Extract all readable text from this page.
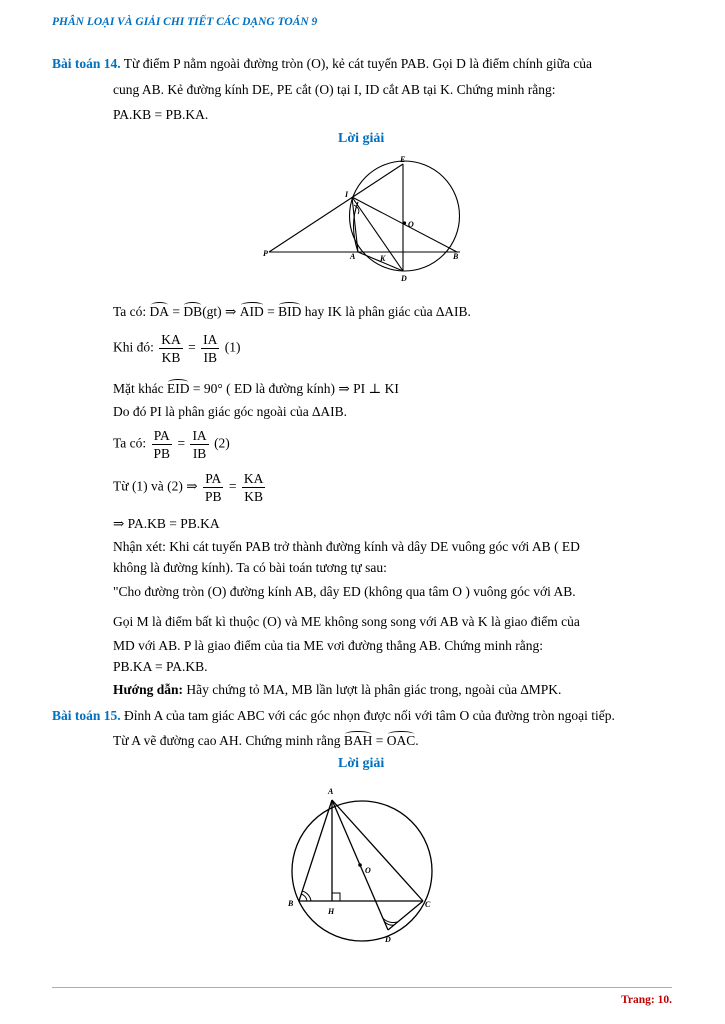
PHÂN LOẠI VÀ GIẢI CHI TIẾT CÁC DẠNG TOÁN 9
Bài toán 14. Từ điểm P nằm ngoài đường tròn (O), kẻ cát tuyến PAB. Gọi D là điểm chính giữa của
cung AB. Kẻ đường kính DE, PE cắt (O) tại I, ID cắt AB tại K. Chứng minh rằng:
PA.KB = PB.KA.
Lời giải
E
I
O
P	A	K	B
D
Ta có: DA = DB(gt) ⇒ AID = BID hay IK là phân giác của ∆AIB.
Khi đó: $\frac{KA}{KB} = \frac{IA}{IB} (1)$
Mặt khác EID = 90° ( ED là đường kính) ⇒ PI ⊥ KI
Do đó PI là phân giác góc ngoài của ∆AIB.
Ta có: $\frac{PA}{PB} = \frac{IA}{IB} (2)$
Từ (1) và (2) ⇒ $\frac{PA}{PB} = \frac{KA}{KB}$
⇒ PA.KB = PB.KA
Nhận xét: Khi cát tuyến PAB trở thành đường kính và dây DE vuông góc với AB ( ED
không là đường kính). Ta có bài toán tương tự sau:
"Cho đường tròn (O) đường kính AB, dây ED (không qua tâm O ) vuông góc với AB.
Gọi M là điểm bất kì thuộc (O) và ME không song song với AB và K là giao điểm của
MD với AB. P là giao điểm của tia ME vơi đường thẳng AB. Chứng minh rằng:
PB.KA = PA.KB.
Hướng dẫn: Hãy chứng tỏ MA, MB lần lượt là phân giác trong, ngoài của ∆MPK.
Bài toán 15. Đỉnh A của tam giác ABC với các góc nhọn được nối với tâm O của đường tròn ngoại tiếp.
Từ A vẽ đường cao AH. Chứng minh rằng BAH = OAC.
Lời giải
A
O
B
H
C
D
Trang: 10.
